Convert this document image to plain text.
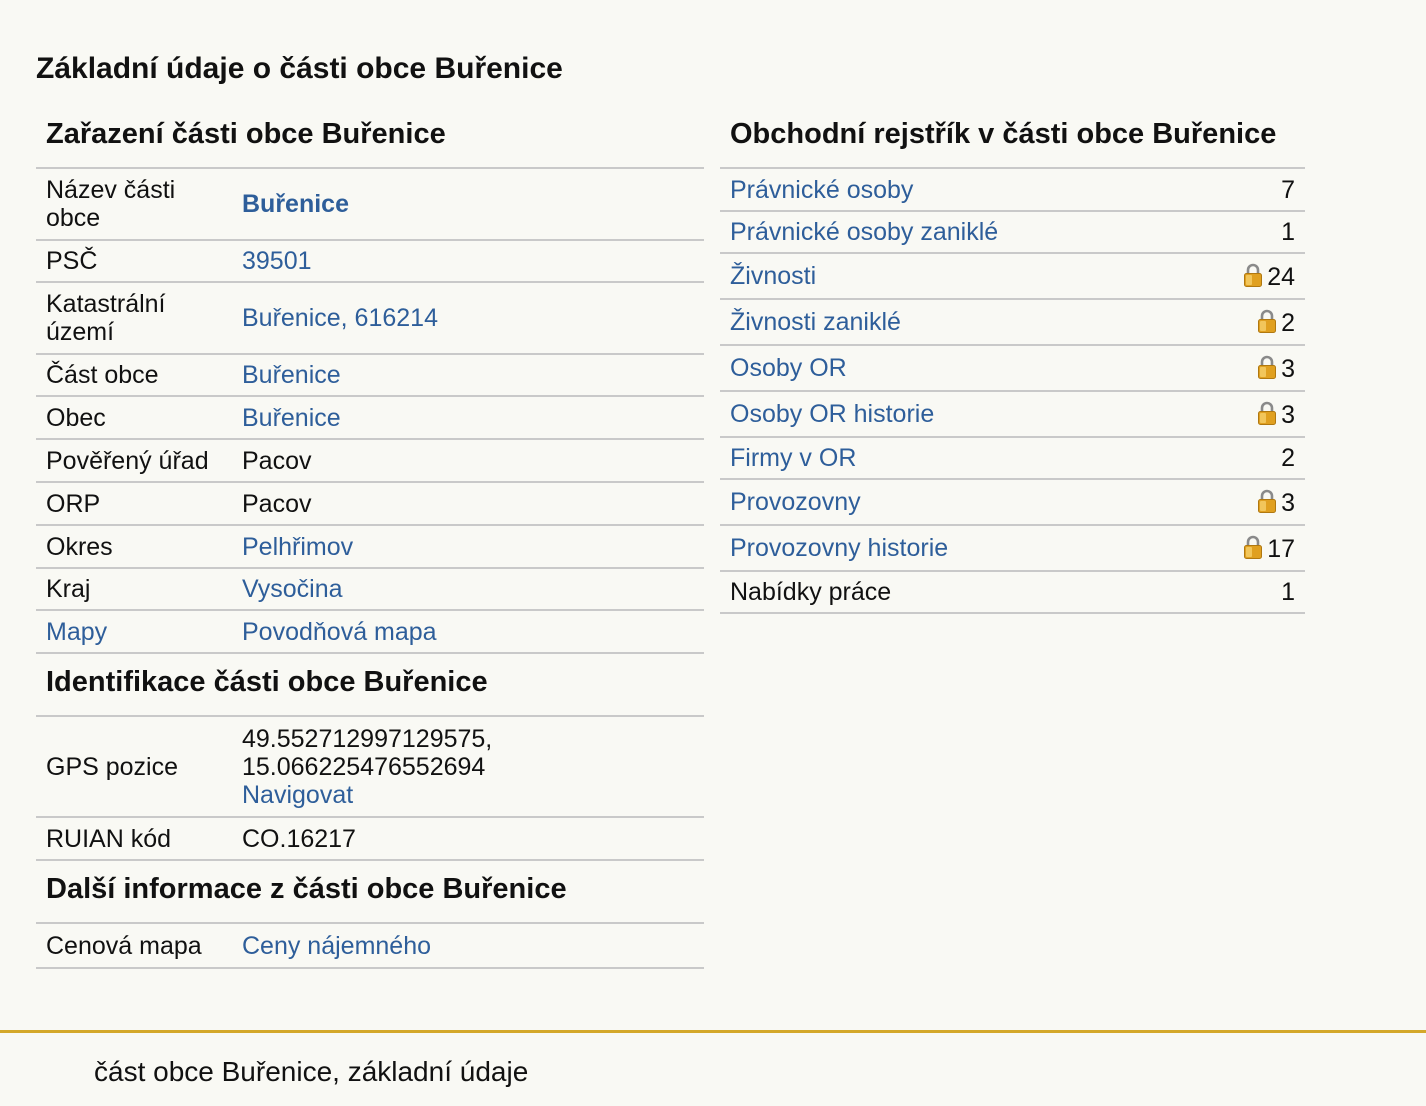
Základní údaje o části obce Buřenice
Zařazení části obce Buřenice
Název části obce	Buřenice
PSČ	39501
Katastrální území	Buřenice, 616214
Část obce	Buřenice
Obec	Buřenice
Pověřený úřad	Pacov
ORP	Pacov
Okres	Pelhřimov
Kraj	Vysočina
Mapy	Povodňová mapa
Identifikace části obce Buřenice
GPS pozice	49.552712997129575,
15.066225476552694
Navigovat

RUIAN kód	CO.16217
Další informace z části obce Buřenice
Cenová mapa	Ceny nájemného
Obchodní rejstřík v části obce Buřenice
Právnické osoby	7
Právnické osoby zaniklé	1
Živnosti	24
Živnosti zaniklé	2
Osoby OR	3
Osoby OR historie	3
Firmy v OR	2
Provozovny	3
Provozovny historie	17
Nabídky práce	1
část obce Buřenice, základní údaje
